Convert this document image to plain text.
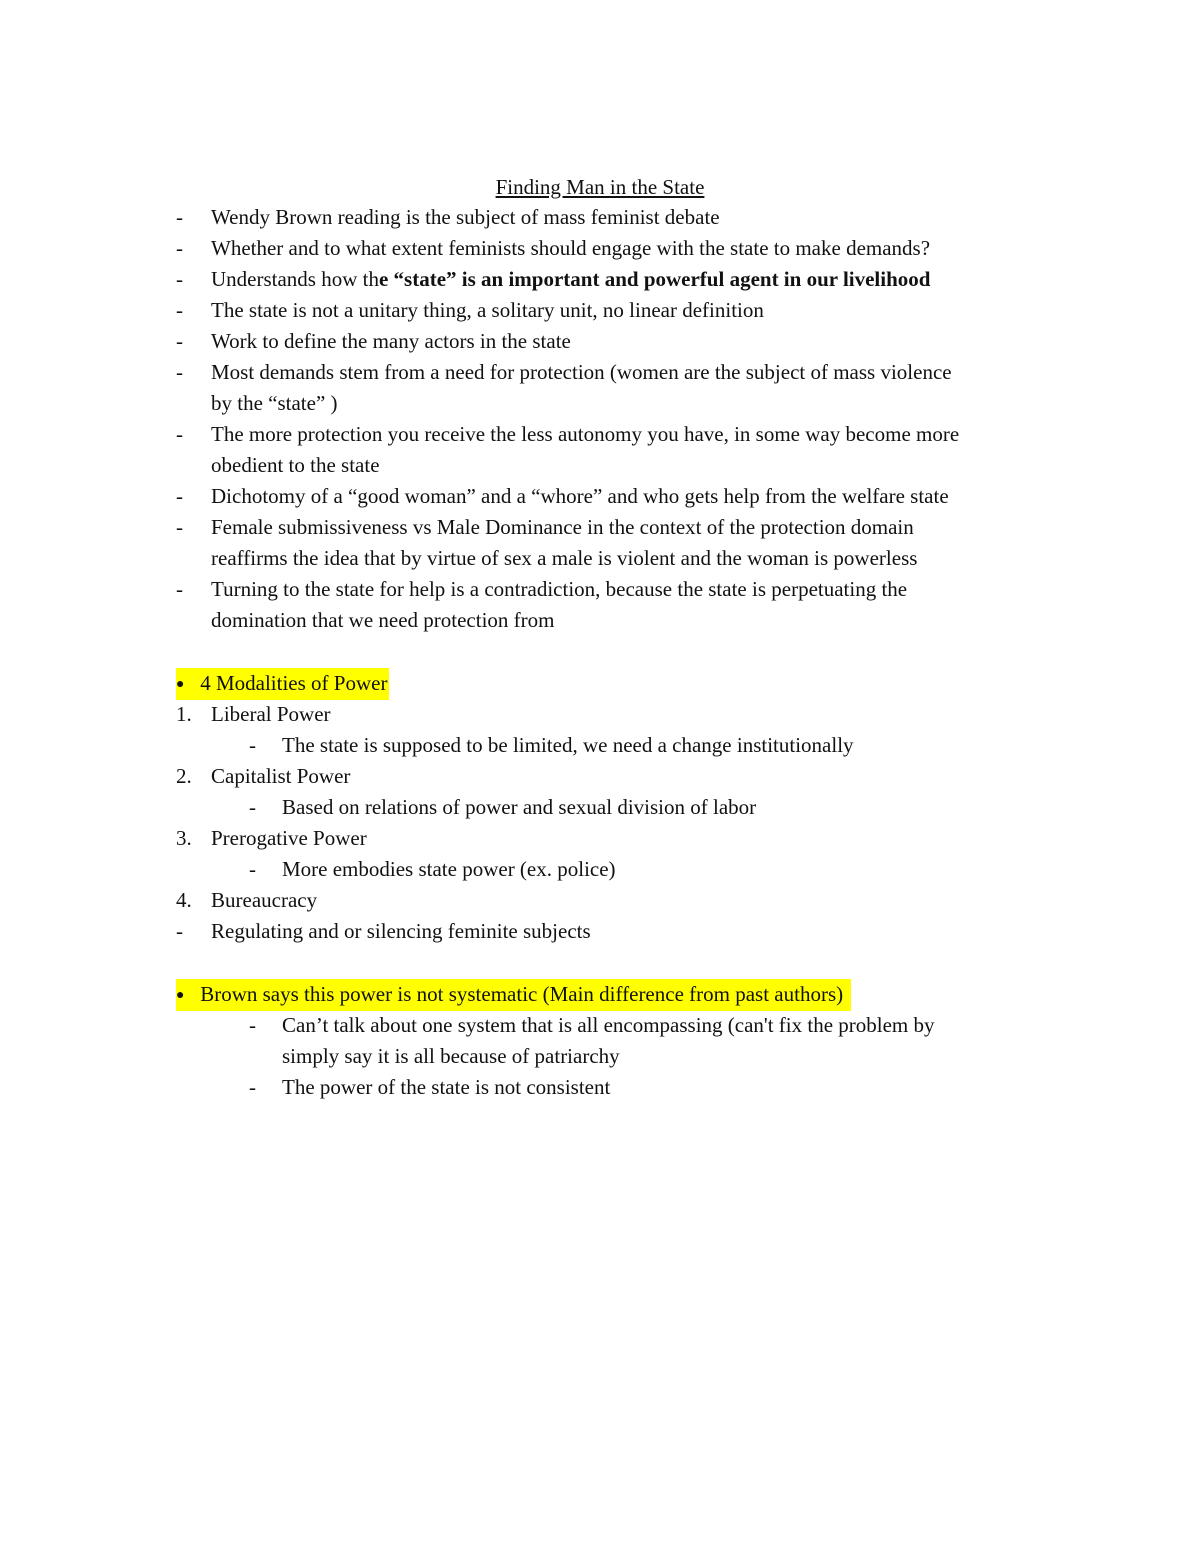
Finding Man in the State
- Wendy Brown reading is the subject of mass feminist debate
- Whether and to what extent feminists should engage with the state to make demands?
- Understands how the “state” is an important and powerful agent in our livelihood
- The state is not a unitary thing, a solitary unit, no linear definition
- Work to define the many actors in the state
- Most demands stem from a need for protection (women are the subject of mass violence
by the “state” )
- The more protection you receive the less autonomy you have, in some way become more
obedient to the state
- Dichotomy of a “good woman” and a “whore” and who gets help from the welfare state
- Female submissiveness vs Male Dominance in the context of the protection domain
reaffirms the idea that by virtue of sex a male is violent and the woman is powerless
- Turning to the state for help is a contradiction, because the state is perpetuating the
domination that we need protection from
● 4 Modalities of Power
1. Liberal Power
- The state is supposed to be limited, we need a change institutionally
2. Capitalist Power
- Based on relations of power and sexual division of labor
3. Prerogative Power
- More embodies state power (ex. police)
4. Bureaucracy
- Regulating and or silencing feminite subjects
● Brown says this power is not systematic (Main difference from past authors)
- Can’t talk about one system that is all encompassing (can't fix the problem by
simply say it is all because of patriarchy
- The power of the state is not consistent
